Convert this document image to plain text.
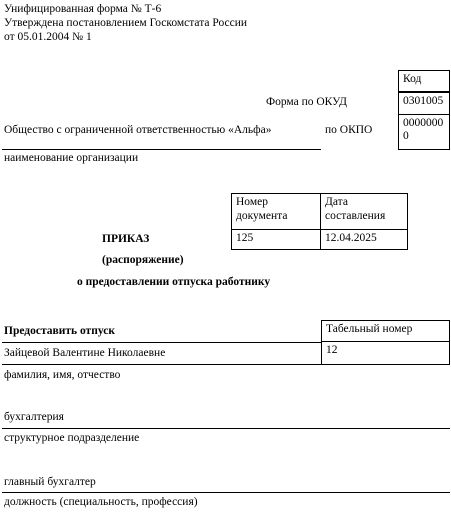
Унифицированная форма № Т-6
Утверждена постановлением Госкомстата России
от 05.01.2004 № 1
Код
0301005
0000000
0
Форма по ОКУД
по ОКПО
Общество с ограниченной ответственностью «Альфа»
наименование организации
Номер документа
Дата составления
125	12.04.2025
ПРИКАЗ
(распоряжение)
о предоставлении отпуска работнику
Предоставить отпуск	Табельный номер
12
Зайцевой Валентине Николаевне
фамилия, имя, отчество
бухгалтерия
структурное подразделение
главный бухгалтер
должность (специальность, профессия)
